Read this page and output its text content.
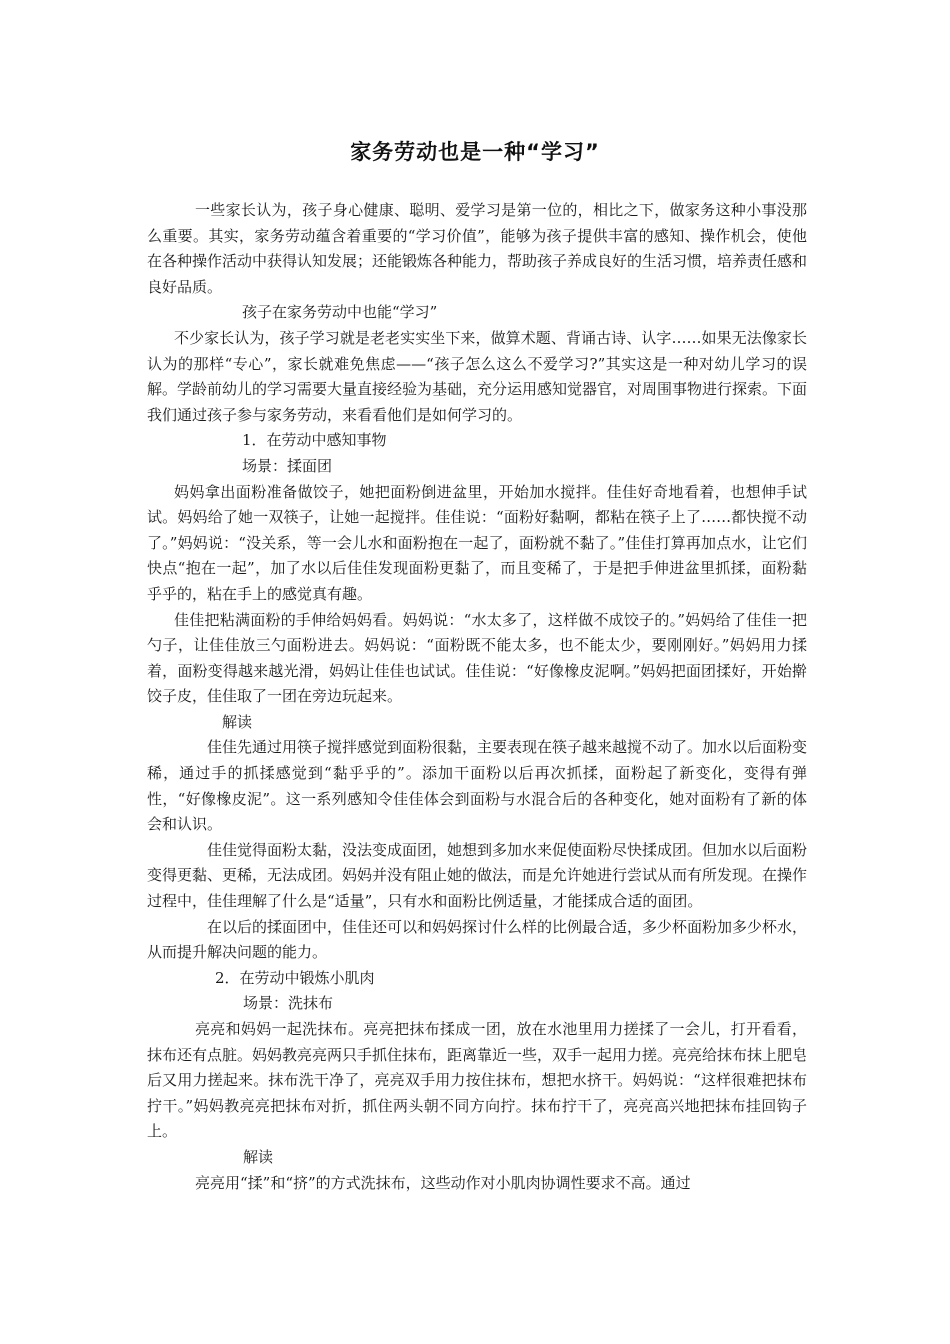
家务劳动也是一种“学习”

一些家长认为，孩子身心健康、聪明、爱学习是第一位的，相比之下，做家务这种小事没那么重要。其实，家务劳动蕴含着重要的“学习价值”，能够为孩子提供丰富的感知、操作机会，使他在各种操作活动中获得认知发展；还能锻炼各种能力，帮助孩子养成良好的生活习惯，培养责任感和良好品质。

孩子在家务劳动中也能“学习”

不少家长认为，孩子学习就是老老实实坐下来，做算术题、背诵古诗、认字……如果无法像家长认为的那样“专心”，家长就难免焦虑——“孩子怎么这么不爱学习?”其实这是一种对幼儿学习的误解。学龄前幼儿的学习需要大量直接经验为基础，充分运用感知觉器官，对周围事物进行探索。下面我们通过孩子参与家务劳动，来看看他们是如何学习的。

1．在劳动中感知事物

场景：揉面团

妈妈拿出面粉准备做饺子，她把面粉倒进盆里，开始加水搅拌。佳佳好奇地看着，也想伸手试试。妈妈给了她一双筷子，让她一起搅拌。佳佳说：“面粉好黏啊，都粘在筷子上了……都快搅不动了。”妈妈说：“没关系，等一会儿水和面粉抱在一起了，面粉就不黏了。”佳佳打算再加点水，让它们快点“抱在一起”，加了水以后佳佳发现面粉更黏了，而且变稀了，于是把手伸进盆里抓揉，面粉黏乎乎的，粘在手上的感觉真有趣。

佳佳把粘满面粉的手伸给妈妈看。妈妈说：“水太多了，这样做不成饺子的。”妈妈给了佳佳一把勺子，让佳佳放三勺面粉进去。妈妈说：“面粉既不能太多，也不能太少，要刚刚好。”妈妈用力揉着，面粉变得越来越光滑，妈妈让佳佳也试试。佳佳说：“好像橡皮泥啊。”妈妈把面团揉好，开始擀饺子皮，佳佳取了一团在旁边玩起来。

解读

佳佳先通过用筷子搅拌感觉到面粉很黏，主要表现在筷子越来越搅不动了。加水以后面粉变稀，通过手的抓揉感觉到“黏乎乎的”。添加干面粉以后再次抓揉，面粉起了新变化，变得有弹性，“好像橡皮泥”。这一系列感知令佳佳体会到面粉与水混合后的各种变化，她对面粉有了新的体会和认识。

佳佳觉得面粉太黏，没法变成面团，她想到多加水来促使面粉尽快揉成团。但加水以后面粉变得更黏、更稀，无法成团。妈妈并没有阻止她的做法，而是允许她进行尝试从而有所发现。在操作过程中，佳佳理解了什么是“适量”，只有水和面粉比例适量，才能揉成合适的面团。

在以后的揉面团中，佳佳还可以和妈妈探讨什么样的比例最合适，多少杯面粉加多少杯水，从而提升解决问题的能力。

2．在劳动中锻炼小肌肉

场景：洗抹布

亮亮和妈妈一起洗抹布。亮亮把抹布揉成一团，放在水池里用力搓揉了一会儿，打开看看，抹布还有点脏。妈妈教亮亮两只手抓住抹布，距离靠近一些，双手一起用力搓。亮亮给抹布抹上肥皂后又用力搓起来。抹布洗干净了，亮亮双手用力按住抹布，想把水挤干。妈妈说：“这样很难把抹布拧干。”妈妈教亮亮把抹布对折，抓住两头朝不同方向拧。抹布拧干了，亮亮高兴地把抹布挂回钩子上。

解读

亮亮用“揉”和“挤”的方式洗抹布，这些动作对小肌肉协调性要求不高。通过
